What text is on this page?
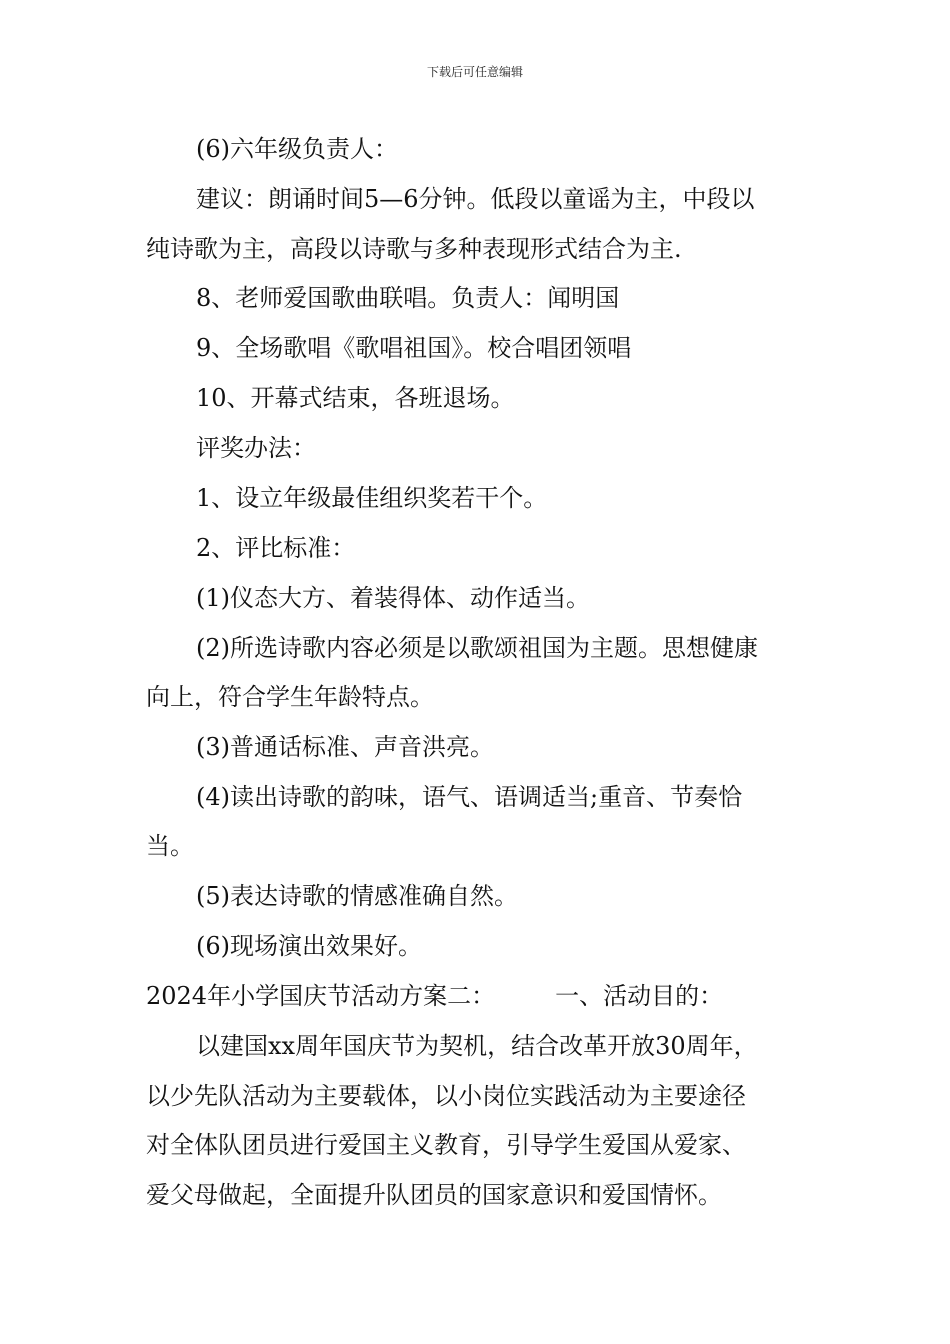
下载后可任意编辑
(6)六年级负责人：
建议：朗诵时间5—6分钟。低段以童谣为主，中段以
纯诗歌为主，高段以诗歌与多种表现形式结合为主.
8、老师爱国歌曲联唱。负责人：闻明国
9、全场歌唱《歌唱祖国》。校合唱团领唱
10、开幕式结束，各班退场。
评奖办法：
1、设立年级最佳组织奖若干个。
2、评比标准：
(1)仪态大方、着装得体、动作适当。
(2)所选诗歌内容必须是以歌颂祖国为主题。思想健康
向上，符合学生年龄特点。
(3)普通话标准、声音洪亮。
(4)读出诗歌的韵味，语气、语调适当;重音、节奏恰
当。
(5)表达诗歌的情感准确自然。
(6)现场演出效果好。
2024年小学国庆节活动方案二：	一、活动目的：
以建国xx周年国庆节为契机，结合改革开放30周年，
以少先队活动为主要载体，以小岗位实践活动为主要途径
对全体队团员进行爱国主义教育，引导学生爱国从爱家、
爱父母做起，全面提升队团员的国家意识和爱国情怀。
